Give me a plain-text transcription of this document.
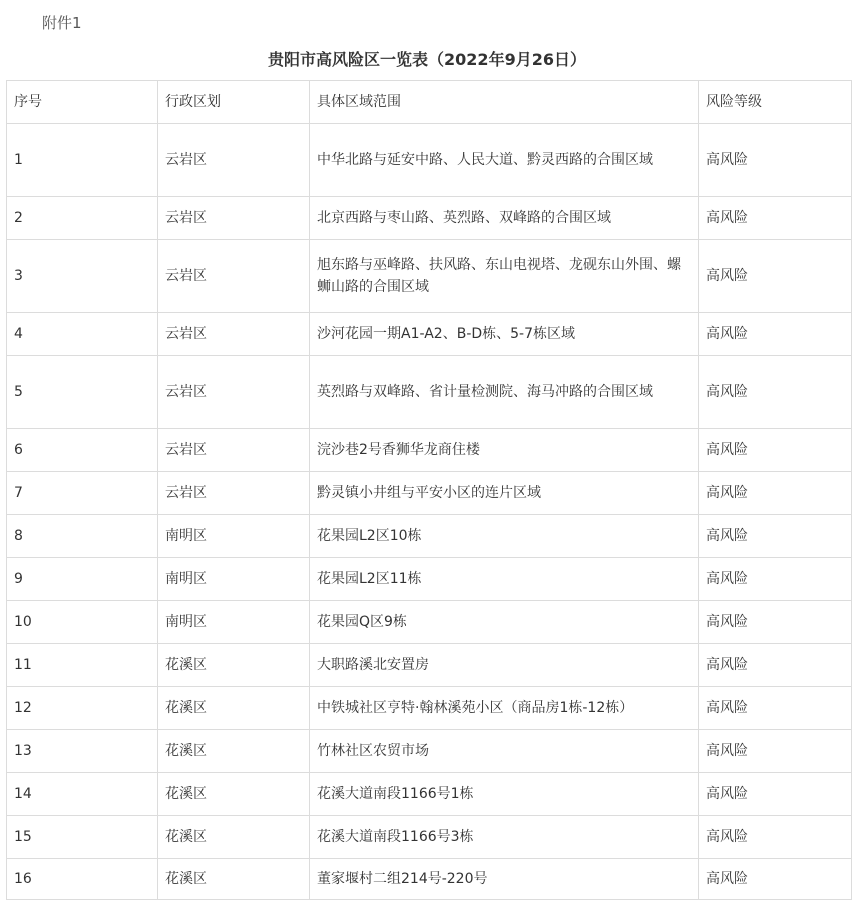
附件1
贵阳市高风险区一览表（2022年9月26日）
序号	行政区划	具体区域范围	风险等级
1	云岩区	中华北路与延安中路、人民大道、黔灵西路的合围区域	高风险
2	云岩区	北京西路与枣山路、英烈路、双峰路的合围区域	高风险
3	云岩区	旭东路与巫峰路、扶风路、东山电视塔、龙砚东山外围、螺蛳山路的合围区域	高风险
4	云岩区	沙河花园一期A1-A2、B-D栋、5-7栋区域	高风险
5	云岩区	英烈路与双峰路、省计量检测院、海马冲路的合围区域	高风险
6	云岩区	浣沙巷2号香狮华龙商住楼	高风险
7	云岩区	黔灵镇小井组与平安小区的连片区域	高风险
8	南明区	花果园L2区10栋	高风险
9	南明区	花果园L2区11栋	高风险
10	南明区	花果园Q区9栋	高风险
11	花溪区	大职路溪北安置房	高风险
12	花溪区	中铁城社区亨特·翰林溪苑小区（商品房1栋-12栋）	高风险
13	花溪区	竹林社区农贸市场	高风险
14	花溪区	花溪大道南段1166号1栋	高风险
15	花溪区	花溪大道南段1166号3栋	高风险
16	花溪区	董家堰村二组214号-220号	高风险
